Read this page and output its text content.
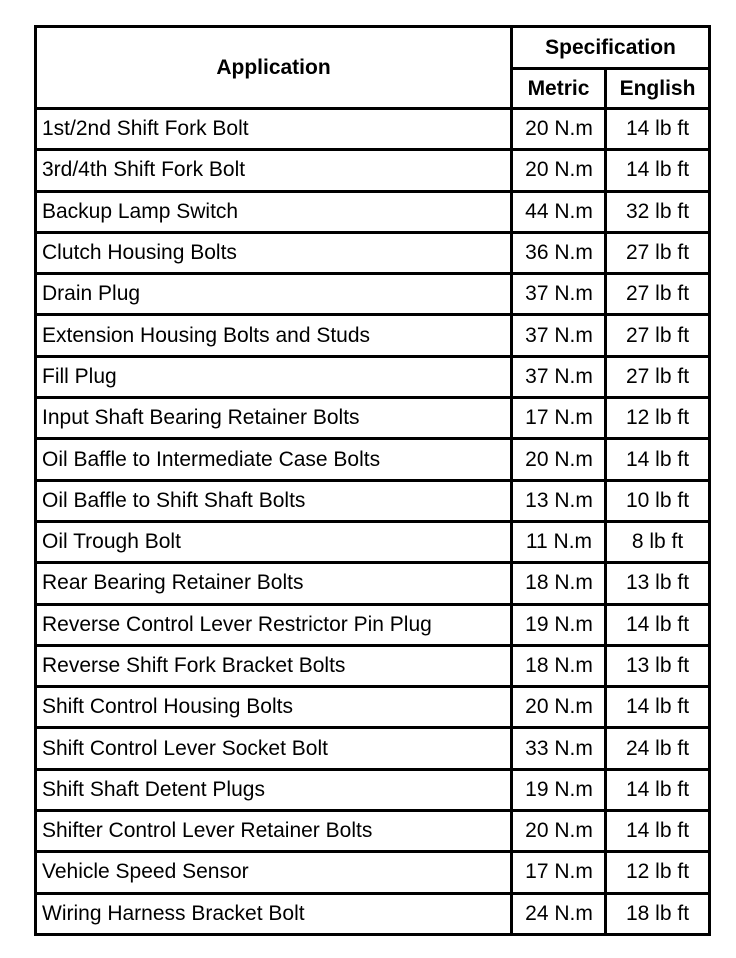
Application	Specification	
	Metric	English
1st/2nd Shift Fork Bolt	20 N.m	14 lb ft
3rd/4th Shift Fork Bolt	20 N.m	14 lb ft
Backup Lamp Switch	44 N.m	32 lb ft
Clutch Housing Bolts	36 N.m	27 lb ft
Drain Plug	37 N.m	27 lb ft
Extension Housing Bolts and Studs	37 N.m	27 lb ft
Fill Plug	37 N.m	27 lb ft
Input Shaft Bearing Retainer Bolts	17 N.m	12 lb ft
Oil Baffle to Intermediate Case Bolts	20 N.m	14 lb ft
Oil Baffle to Shift Shaft Bolts	13 N.m	10 lb ft
Oil Trough Bolt	11 N.m	8 lb ft
Rear Bearing Retainer Bolts	18 N.m	13 lb ft
Reverse Control Lever Restrictor Pin Plug	19 N.m	14 lb ft
Reverse Shift Fork Bracket Bolts	18 N.m	13 lb ft
Shift Control Housing Bolts	20 N.m	14 lb ft
Shift Control Lever Socket Bolt	33 N.m	24 lb ft
Shift Shaft Detent Plugs	19 N.m	14 lb ft
Shifter Control Lever Retainer Bolts	20 N.m	14 lb ft
Vehicle Speed Sensor	17 N.m	12 lb ft
Wiring Harness Bracket Bolt	24 N.m	18 lb ft
